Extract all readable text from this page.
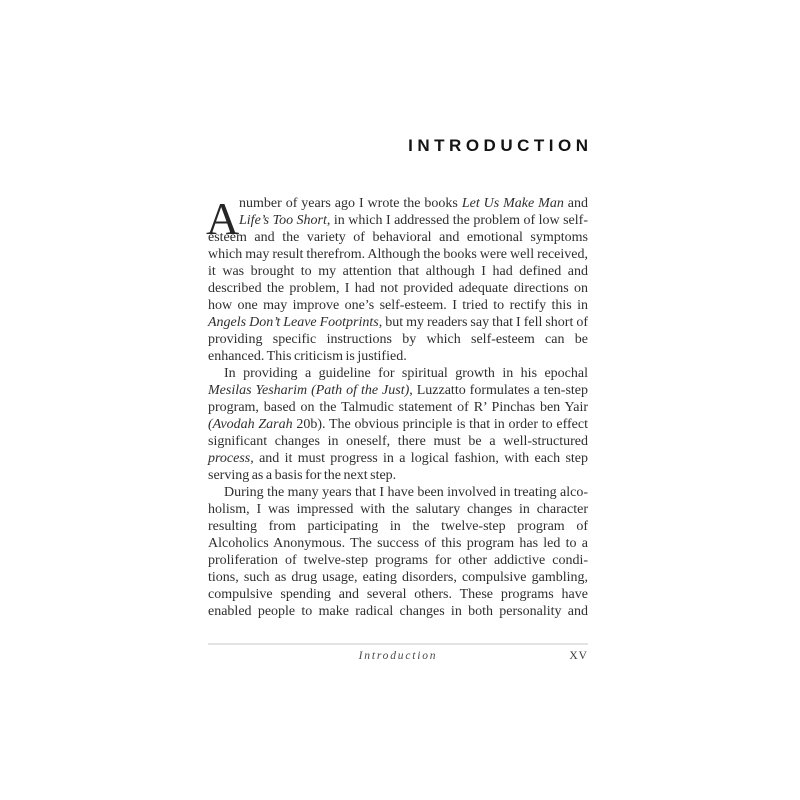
INTRODUCTION
A number of years ago I wrote the books Let Us Make Man and
Life’s Too Short, in which I addressed the problem of low self-
esteem and the variety of behavioral and emotional symptoms
which may result therefrom. Although the books were well received,
it was brought to my attention that although I had defined and
described the problem, I had not provided adequate directions on
how one may improve one’s self-esteem. I tried to rectify this in
Angels Don’t Leave Footprints, but my readers say that I fell short of
providing specific instructions by which self-esteem can be
enhanced. This criticism is justified.
In providing a guideline for spiritual growth in his epochal
Mesilas Yesharim (Path of the Just), Luzzatto formulates a ten-step
program, based on the Talmudic statement of R’ Pinchas ben Yair
(Avodah Zarah 20b). The obvious principle is that in order to effect
significant changes in oneself, there must be a well-structured
process, and it must progress in a logical fashion, with each step
serving as a basis for the next step.
During the many years that I have been involved in treating alco-
holism, I was impressed with the salutary changes in character
resulting from participating in the twelve-step program of
Alcoholics Anonymous. The success of this program has led to a
proliferation of twelve-step programs for other addictive condi-
tions, such as drug usage, eating disorders, compulsive gambling,
compulsive spending and several others. These programs have
enabled people to make radical changes in both personality and
Introduction	XV
